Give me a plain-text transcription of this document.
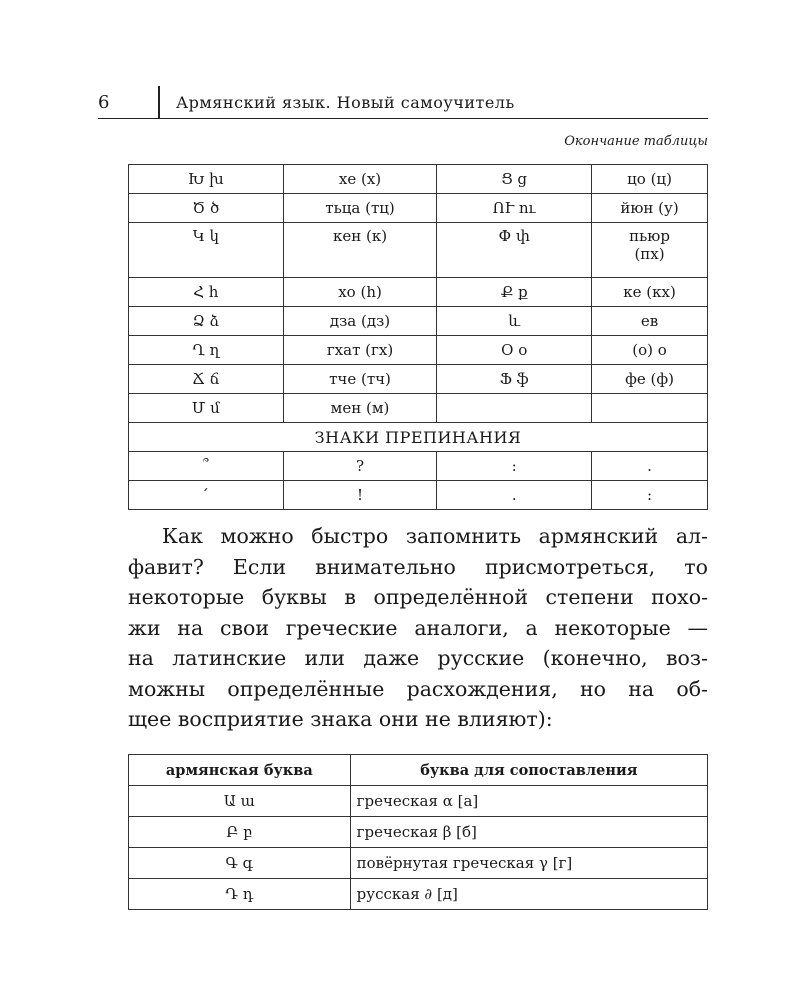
6	Армянский язык. Новый самоучитель
Окончание таблицы
Խ խ	хе (х)	Ց ց	цо (ц)
Ծ ծ	тьца (тц)	ՈՒ ու	йюн (у)
Կ կ	кен (к)	Փ փ	пьюр (пх)
Հ հ	хо (h)	Ք ք	ке (кх)
Ձ ձ	дза (дз)	և	ев
Ղ ղ	гхат (гх)	Օ օ	(о) о
Ճ ճ	тче (тч)	Ֆ ֆ	фе (ф)
Մ մ	мен (м)		
ЗНАКИ ПРЕПИНАНИЯ			
՞	?	:	.
՛	!	.	:
Как можно быстро запомнить армянский ал-
фавит? Если внимательно присмотреться, то
некоторые буквы в определённой степени похо-
жи на свои греческие аналоги, а некоторые —
на латинские или даже русские (конечно, воз-
можны определённые расхождения, но на об-
щее восприятие знака они не влияют):
армянская буква	буква для сопоставления
Ա ա	греческая α [а]
Բ բ	греческая β [б]
Գ գ	повёрнутая греческая γ [г]
Դ դ	русская ∂ [д]
